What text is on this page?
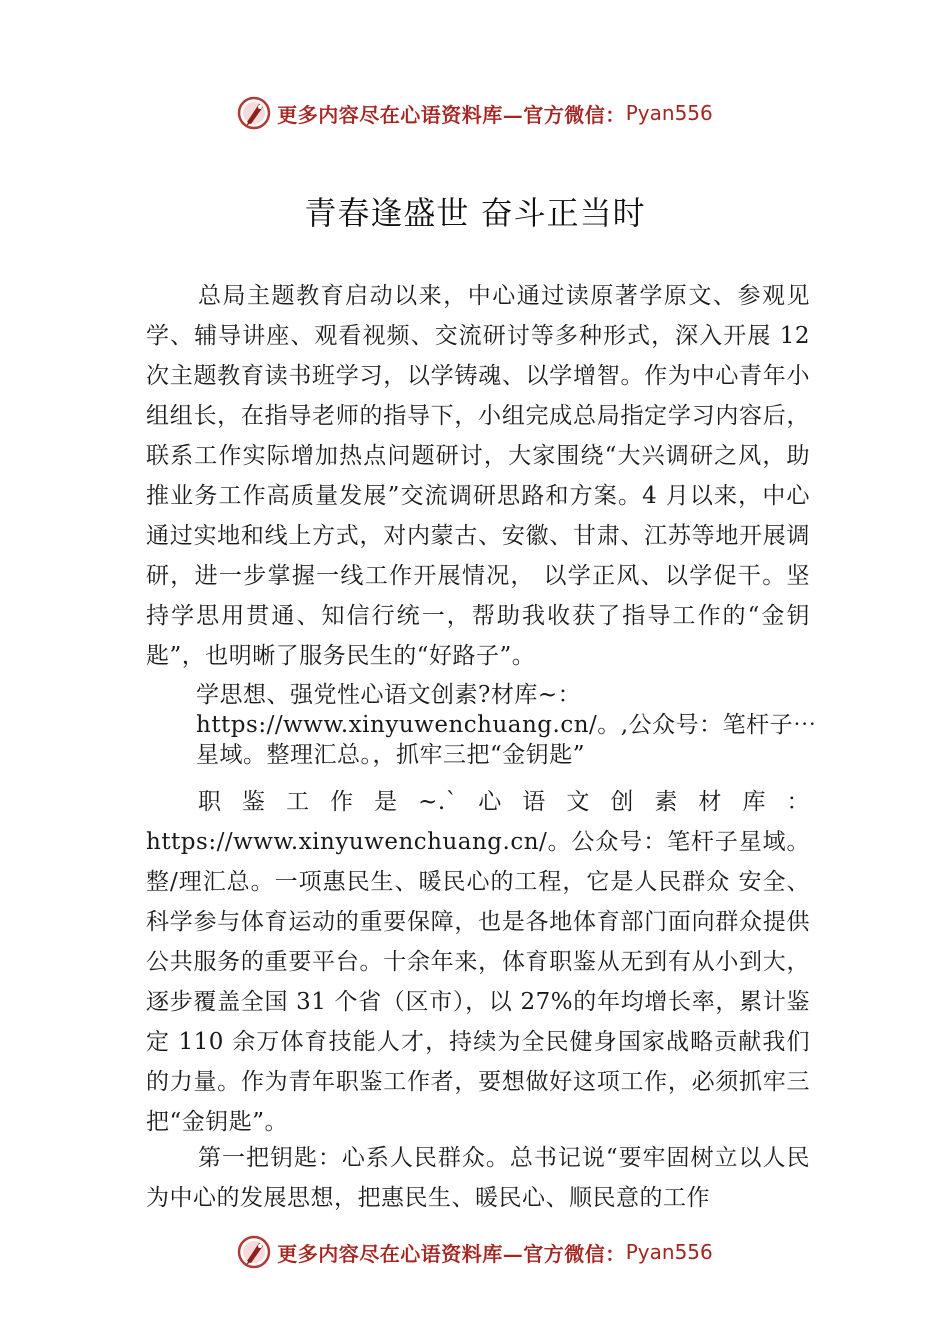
更多内容尽在心语资料库—官方微信： Pyan556
青春逢盛世 奋斗正当时

总局主题教育启动以来，中心通过读原著学原文、参观见学、辅导讲座、观看视频、交流研讨等多种形式，深入开展 12 次主题教育读书班学习，以学铸魂、以学增智。作为中心青年小组组长，在指导老师的指导下，小组完成总局指定学习内容后，联系工作实际增加热点问题研讨，大家围绕“大兴调研之风，助推业务工作高质量发展”交流调研思路和方案。4 月以来，中心通过实地和线上方式，对内蒙古、安徽、甘肃、江苏等地开展调研，进一步掌握一线工作开展情况， 以学正风、以学促干。坚持学思用贯通、知信行统一，帮助我收获了指导工作的“金钥匙”，也明晰了服务民生的“好路子”。

学思想、强党性心语文创素?材库~：https://www.xinyuwenchuang.cn/。,公众号：笔杆子⋯星域。整理汇总。，抓牢三把“金钥匙”

职鉴工作是~.`心语文创素材库：https://www.xinyuwenchuang.cn/。公众号：笔杆子星域。整/理汇总。一项惠民生、暖民心的工程，它是人民群众 安全、科学参与体育运动的重要保障，也是各地体育部门面向群众提供公共服务的重要平台。十余年来，体育职鉴从无到有从小到大， 逐步覆盖全国 31 个省（区市），以 27%的年均增长率，累计鉴定 110 余万体育技能人才，持续为全民健身国家战略贡献我们的力量。作为青年职鉴工作者，要想做好这项工作，必须抓牢三把“金钥匙”。

第一把钥匙：心系人民群众。总书记说“要牢固树立以人民为中心的发展思想，把惠民生、暖民心、顺民意的工作

更多内容尽在心语资料库—官方微信： Pyan556
